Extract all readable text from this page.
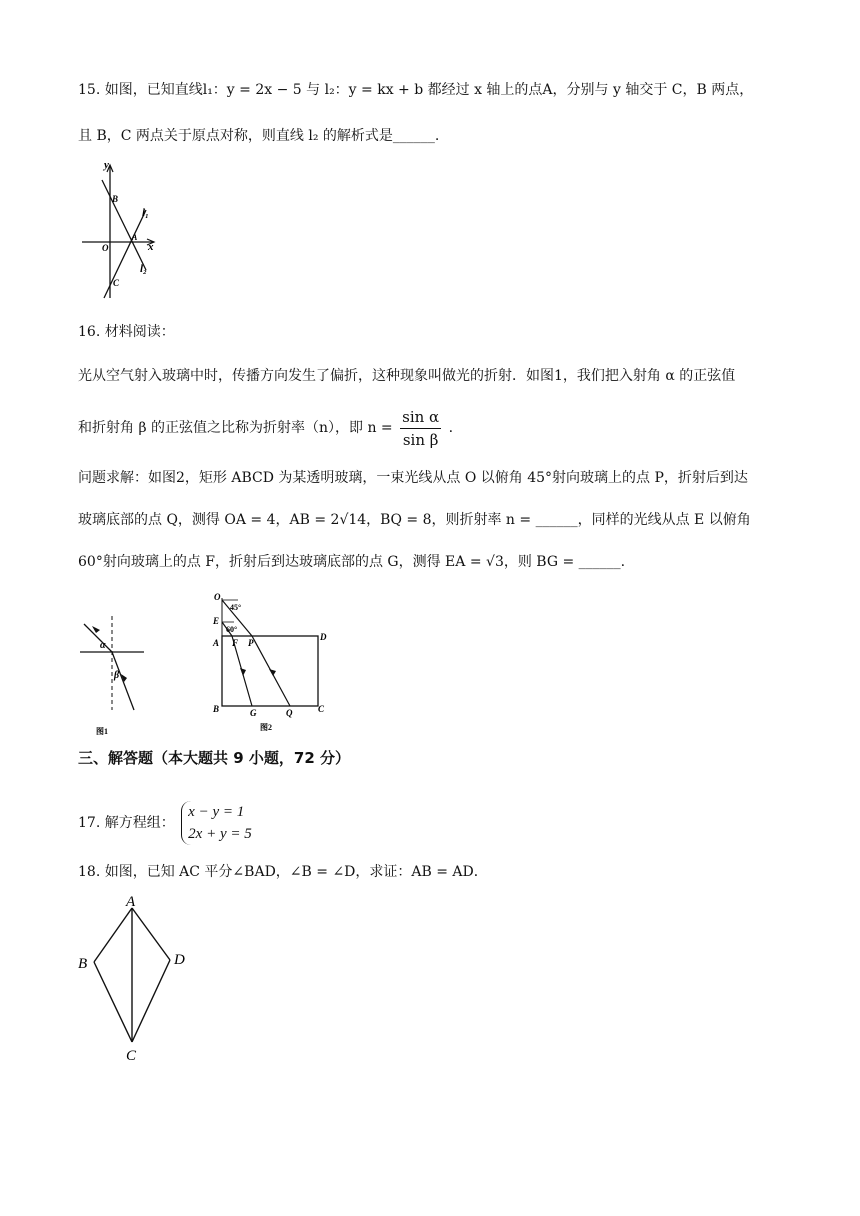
15. 如图，已知直线l₁：y = 2x − 5 与 l₂：y = kx + b 都经过 x 轴上的点A，分别与 y 轴交于 C，B 两点，
且 B，C 两点关于原点对称，则直线 l₂ 的解析式是______.
y
x
B
O
A
C
l₁
l₂
16. 材料阅读：
光从空气射入玻璃中时，传播方向发生了偏折，这种现象叫做光的折射．如图1，我们把入射角 α 的正弦值
和折射角 β 的正弦值之比称为折射率（n），即 $n = \frac{\text{sin α}}{\text{sin β}}$ .
问题求解：如图2，矩形 ABCD 为某透明玻璃，一束光线从点 O 以俯角 45°射向玻璃上的点 P，折射后到达
玻璃底部的点 Q，测得 OA = 4，AB = 2√14，BQ = 8，则折射率 n = ______，同样的光线从点 E 以俯角
60°射向玻璃上的点 F，折射后到达玻璃底部的点 G，测得 EA = √3，则 BG = ______.
α
β
图1
O
45°
E
60°
A F P
D
B	G	Q	C
图2
三、解答题（本大题共 9 小题，72 分）
17. 解方程组：
x − y = 1
2x + y = 5
18. 如图，已知 AC 平分∠BAD，∠B = ∠D，求证：AB = AD．
A
B	D
C
